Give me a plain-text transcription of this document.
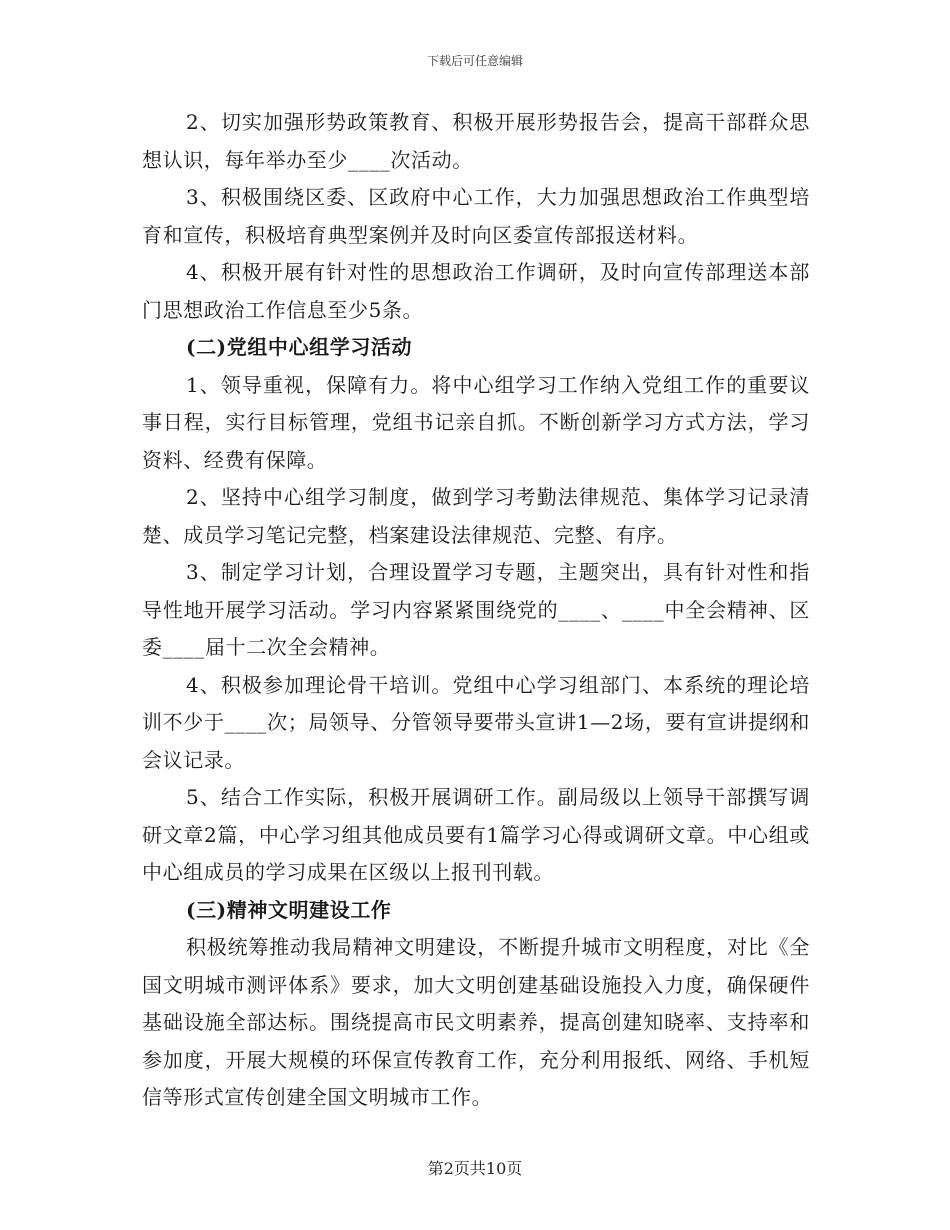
下载后可任意编辑

2、切实加强形势政策教育、积极开展形势报告会，提高干部群众思想认识，每年举办至少____次活动。

3、积极围绕区委、区政府中心工作，大力加强思想政治工作典型培育和宣传，积极培育典型案例并及时向区委宣传部报送材料。

4、积极开展有针对性的思想政治工作调研，及时向宣传部理送本部门思想政治工作信息至少5条。

(二)党组中心组学习活动

1、领导重视，保障有力。将中心组学习工作纳入党组工作的重要议事日程，实行目标管理，党组书记亲自抓。不断创新学习方式方法，学习资料、经费有保障。

2、坚持中心组学习制度，做到学习考勤法律规范、集体学习记录清楚、成员学习笔记完整，档案建设法律规范、完整、有序。

3、制定学习计划，合理设置学习专题，主题突出，具有针对性和指导性地开展学习活动。学习内容紧紧围绕党的____、____中全会精神、区委____届十二次全会精神。

4、积极参加理论骨干培训。党组中心学习组部门、本系统的理论培训不少于____次；局领导、分管领导要带头宣讲1—2场，要有宣讲提纲和会议记录。

5、结合工作实际，积极开展调研工作。副局级以上领导干部撰写调研文章2篇，中心学习组其他成员要有1篇学习心得或调研文章。中心组或中心组成员的学习成果在区级以上报刊刊载。

(三)精神文明建设工作

积极统筹推动我局精神文明建设，不断提升城市文明程度，对比《全国文明城市测评体系》要求，加大文明创建基础设施投入力度，确保硬件基础设施全部达标。围绕提高市民文明素养，提高创建知晓率、支持率和参加度，开展大规模的环保宣传教育工作，充分利用报纸、网络、手机短信等形式宣传创建全国文明城市工作。

第2页共10页
